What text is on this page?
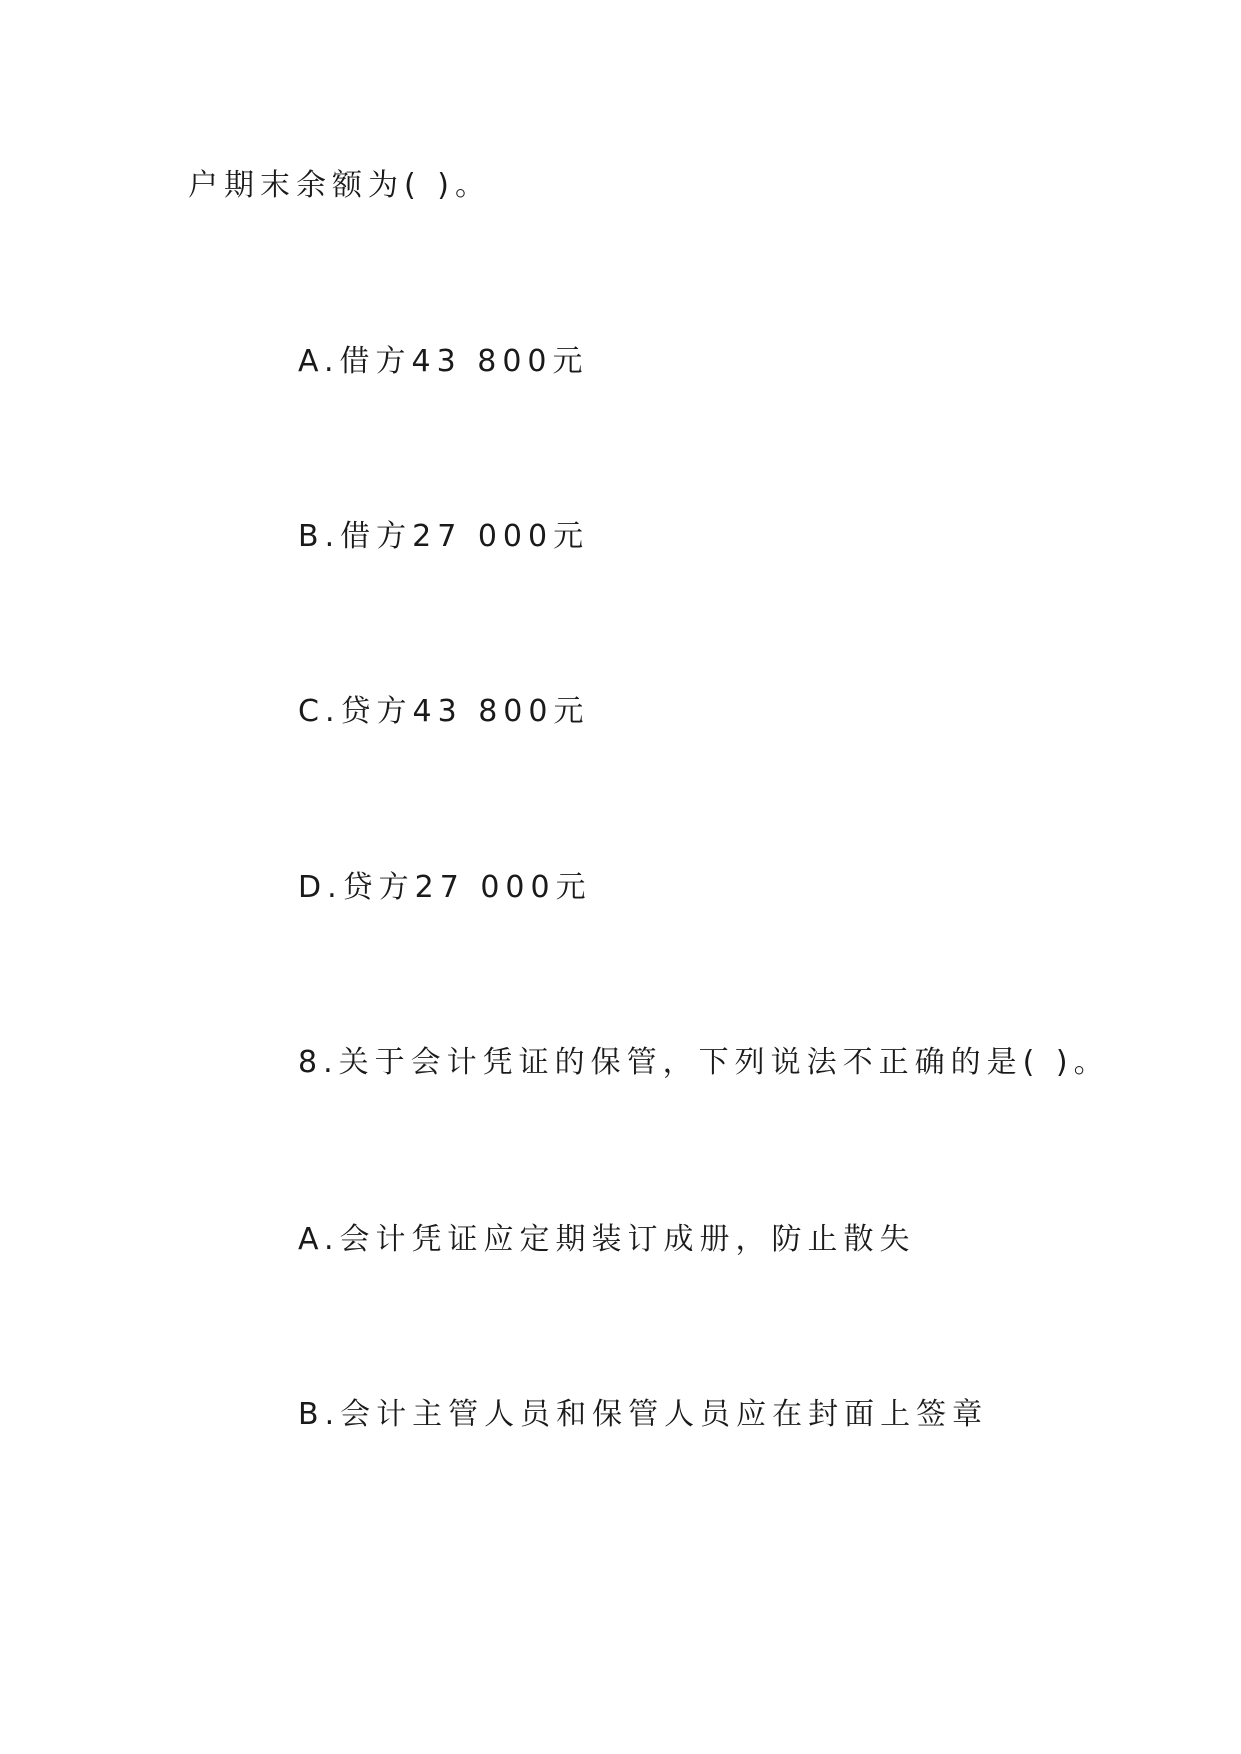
户期末余额为( )。
A.借方43 800元
B.借方27 000元
C.贷方43 800元
D.贷方27 000元
8.关于会计凭证的保管，下列说法不正确的是( )。
A.会计凭证应定期装订成册，防止散失
B.会计主管人员和保管人员应在封面上签章
